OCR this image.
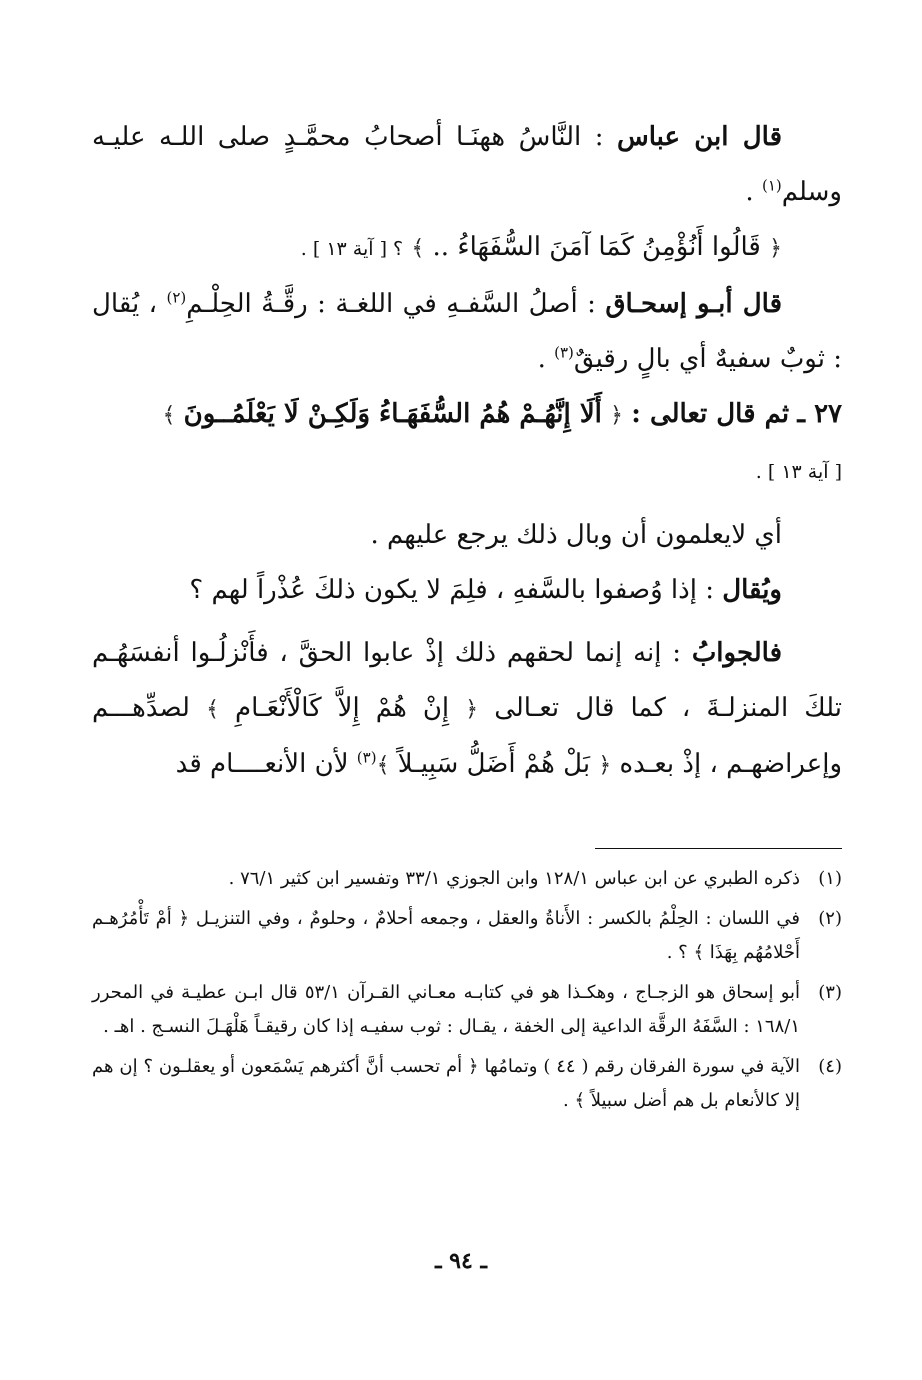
قال ابن عباس : النَّاسُ ههنَـا أصحابُ محمَّـدٍ صلى اللـه عليـه وسلم$^{(١)}$ .

﴿ قَالُوا أَنُؤْمِنُ كَمَا آمَنَ السُّفَهَاءُ .. ﴾ ؟ [ آية ١٣ ] .

قال أبـو إسحـاق : أصلُ السَّفـهِ في اللغـة : رقَّـةُ الحِلْـمِ$^{(٢)}$ ، يُقال : ثوبٌ سفيهٌ أي بالٍ رقيقٌ$^{(٣)}$ .

٢٧ ـ ثم قال تعالى : ﴿ أَلَا إِنَّهُـمْ هُمُ السُّفَهَـاءُ وَلَكِـنْ لَا يَعْلَمُــونَ ﴾
[ آية ١٣ ] .

أي لايعلمون أن وبال ذلك يرجع عليهم .

ويُقال : إذا وُصفوا بالسَّفهِ ، فلِمَ لا يكون ذلكَ عُذْراً لهم ؟

فالجوابُ : إنه إنما لحقهم ذلك إذْ عابوا الحقَّ ، فأَنْزلُـوا أنفسَهُـم تلكَ المنزلـةَ ، كما قال تعـالى ﴿ إِنْ هُمْ إِلاَّ كَالْأَنْعَـامِ ﴾ لصدِّهـــم وإعراضهـم ، إذْ بعـده ﴿ بَلْ هُمْ أَضَلُّ سَبِيـلاً ﴾$^{(٣)}$ لأن الأنعــــام قد

(١)
ذكره الطبري عن ابن عباس ١٢٨/١ وابن الجوزي ٣٣/١ وتفسير ابن كثير ٧٦/١ .
(٢)
في اللسان : الحِلْمُ بالكسر : الأَناةُ والعقل ، وجمعه أحلامٌ ، وحلومٌ ، وفي التنزيـل ﴿ أمْ تَأْمُرُهـم أَحْلامُهُم بِهَذَا ﴾ ؟ .
(٣)
أبو إسحاق هو الزجـاج ، وهكـذا هو في كتابـه معـاني القـرآن ٥٣/١ قال ابـن عطيـة في المحرر ١٦٨/١ : السَّفَهُ الرقَّة الداعية إلى الخفة ، يقـال : ثوب سفيـه إذا كان رقيقـاً هَلْهَـلَ النسـج . اهـ .
(٤)
الآية في سورة الفرقان رقم ( ٤٤ ) وتمامُها ﴿ أم تحسب أنَّ أكثرهم يَسْمَعون أو يعقلـون ؟ إن هم إلا كالأنعام بل هم أضل سبيلاً ﴾ .
ـ ٩٤ ـ
